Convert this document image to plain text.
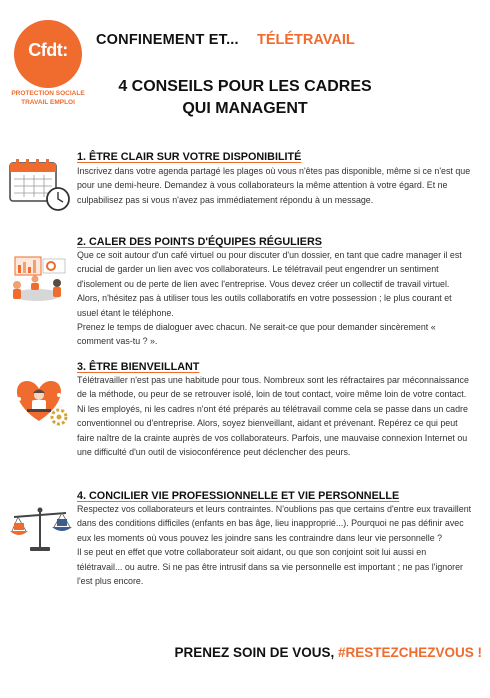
Cfdt:
PROTECTION SOCIALE
TRAVAIL EMPLOI
CONFINEMENT ET... TÉLÉTRAVAIL
4 CONSEILS POUR LES CADRES
QUI MANAGENT
1. ÊTRE CLAIR SUR VOTRE DISPONIBILITÉ

Inscrivez dans votre agenda partagé les plages où vous n'êtes pas disponible, même si ce n'est que pour une demi-heure. Demandez à vous collaborateurs la même attention à votre égard. Et ne culpabilisez pas si vous n'avez pas immédiatement répondu à un message.

2. CALER DES POINTS D'ÉQUIPES RÉGULIERS

Que ce soit autour d'un café virtuel ou pour discuter d'un dossier, en tant que cadre manager il est crucial de garder un lien avec vos collaborateurs. Le télétravail peut engendrer un sentiment d'isolement ou de perte de lien avec l'entreprise. Vous devez créer un collectif de travail virtuel. Alors, n'hésitez pas à utiliser tous les outils collaboratifs en votre possession ; le plus courant et usuel étant le téléphone.

Prenez le temps de dialoguer avec chacun. Ne serait-ce que pour demander sincèrement « comment vas-tu ? ».

3. ÊTRE BIENVEILLANT

Télétravailler n'est pas une habitude pour tous. Nombreux sont les réfractaires par méconnaissance de la méthode, ou peur de se retrouver isolé, loin de tout contact, voire même loin de votre contact. Ni les employés, ni les cadres n'ont été préparés au télétravail comme cela se passe dans un cadre conventionnel ou d'entreprise. Alors, soyez bienveillant, aidant et prévenant. Repérez ce qui peut faire naître de la crainte auprès de vos collaborateurs. Parfois, une mauvaise connexion Internet ou une difficulté d'un outil de visioconférence peut déclencher des peurs.

4. CONCILIER VIE PROFESSIONNELLE ET VIE PERSONNELLE

Respectez vos collaborateurs et leurs contraintes. N'oublions pas que certains d'entre eux travaillent dans des conditions difficiles (enfants en bas âge, lieu inapproprié...). Pourquoi ne pas définir avec eux les moments où vous pouvez les joindre sans les contraindre dans leur vie personnelle ?

Il se peut en effet que votre collaborateur soit aidant, ou que son conjoint soit lui aussi en télétravail... ou autre. Si ne pas être intrusif dans sa vie personnelle est important ; ne pas l'ignorer l'est plus encore.

PRENEZ SOIN DE VOUS, #RESTEZCHEZVOUS !
